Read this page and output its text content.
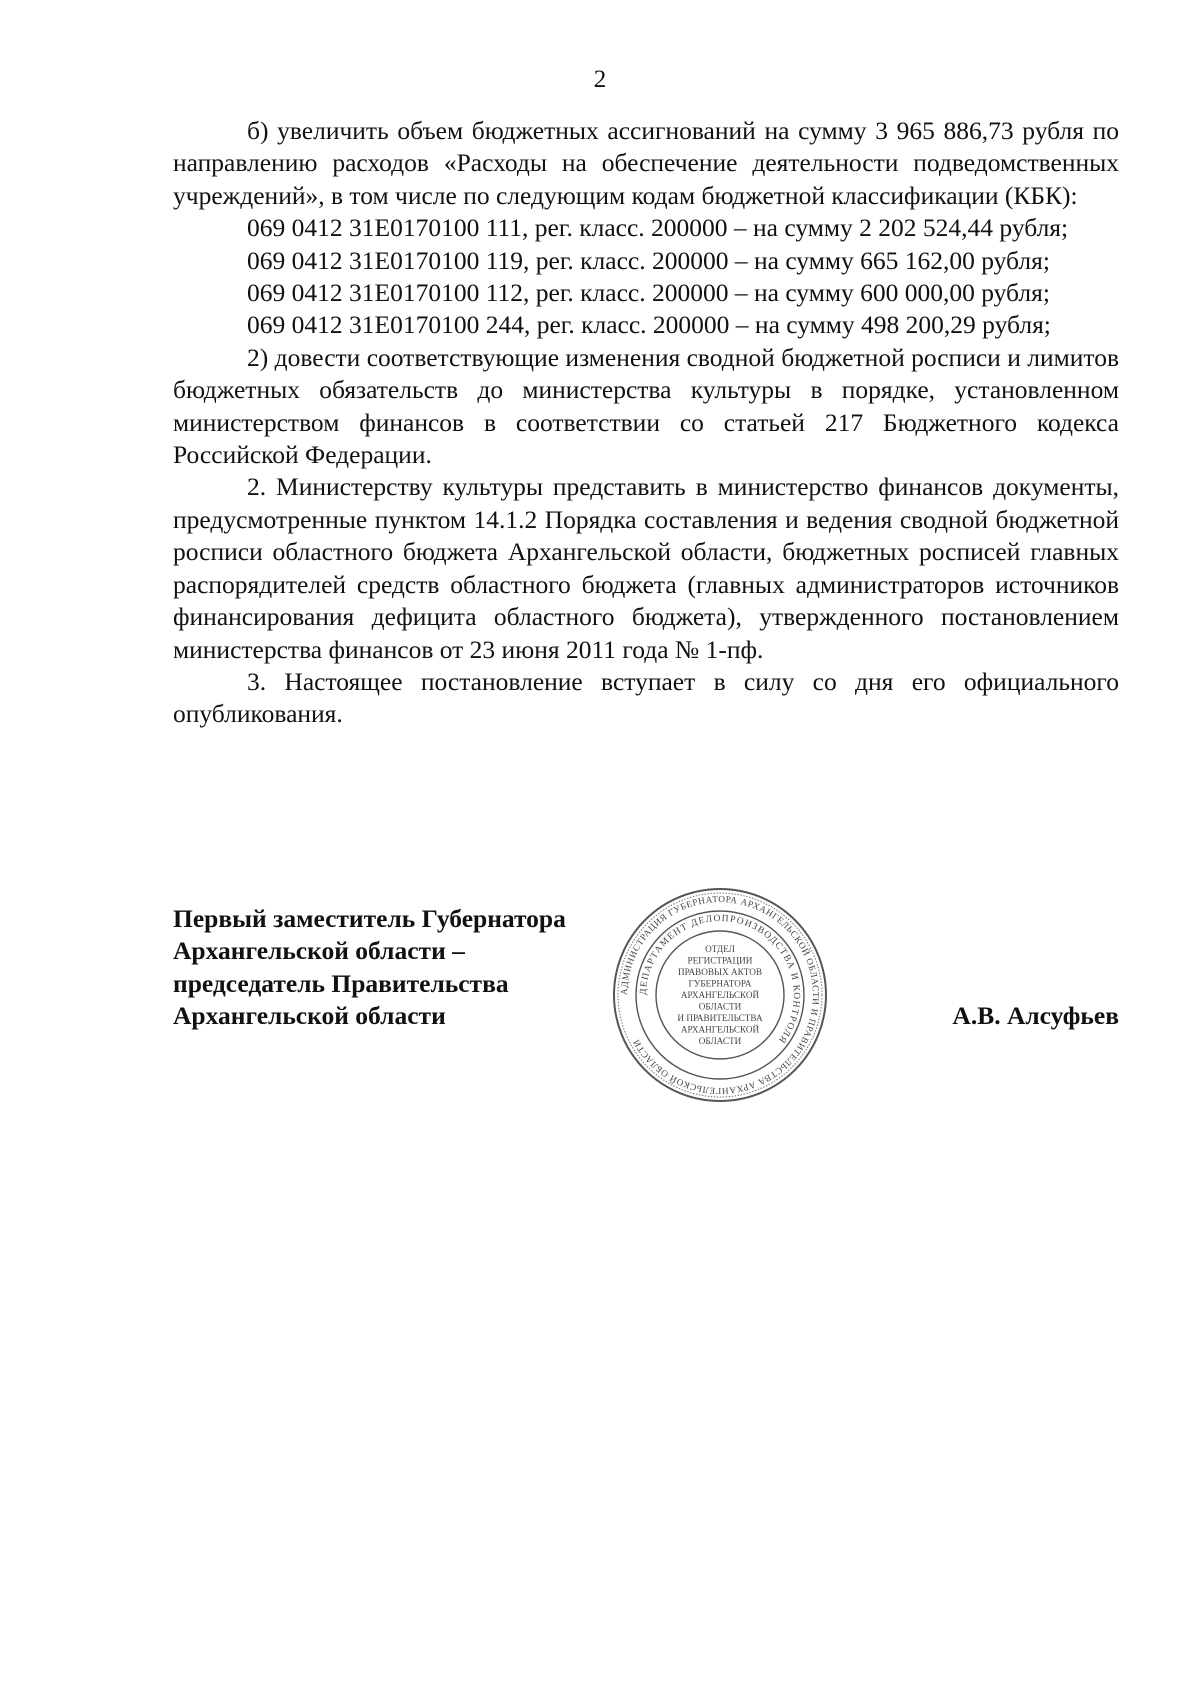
2

б) увеличить объем бюджетных ассигнований на сумму 3 965 886,73 рубля по направлению расходов «Расходы на обеспечение деятельности подведомственных учреждений», в том числе по следующим кодам бюджетной классификации (КБК):

069 0412 31Е0170100 111, рег. класс. 200000 – на сумму 2 202 524,44 рубля;

069 0412 31Е0170100 119, рег. класс. 200000 – на сумму 665 162,00 рубля;

069 0412 31Е0170100 112, рег. класс. 200000 – на сумму 600 000,00 рубля;

069 0412 31Е0170100 244, рег. класс. 200000 – на сумму 498 200,29 рубля;

2) довести соответствующие изменения сводной бюджетной росписи и лимитов бюджетных обязательств до министерства культуры в порядке, установленном министерством финансов в соответствии со статьей 217 Бюджетного кодекса Российской Федерации.

2. Министерству культуры представить в министерство финансов документы, предусмотренные пунктом 14.1.2 Порядка составления и ведения сводной бюджетной росписи областного бюджета Архангельской области, бюджетных росписей главных распорядителей средств областного бюджета (главных администраторов источников финансирования дефицита областного бюджета), утвержденного постановлением министерства финансов от 23 июня 2011 года № 1-пф.

3. Настоящее постановление вступает в силу со дня его официального опубликования.

Первый заместитель Губернатора
Архангельской области –
председатель Правительства
Архангельской области	А.В. Алсуфьев
АДМИНИСТРАЦИЯ ГУБЕРНАТОРА АРХАНГЕЛЬСКОЙ ОБЛАСТИ И ПРАВИТЕЛЬСТВА АРХАНГЕЛЬСКОЙ ОБЛАСТИ
ДЕПАРТАМЕНТ ДЕЛОПРОИЗВОДСТВА И КОНТРОЛЯ
ОТДЕЛ
РЕГИСТРАЦИИ
ПРАВОВЫХ АКТОВ
ГУБЕРНАТОРА
АРХАНГЕЛЬСКОЙ
ОБЛАСТИ
И ПРАВИТЕЛЬСТВА
АРХАНГЕЛЬСКОЙ
ОБЛАСТИ
